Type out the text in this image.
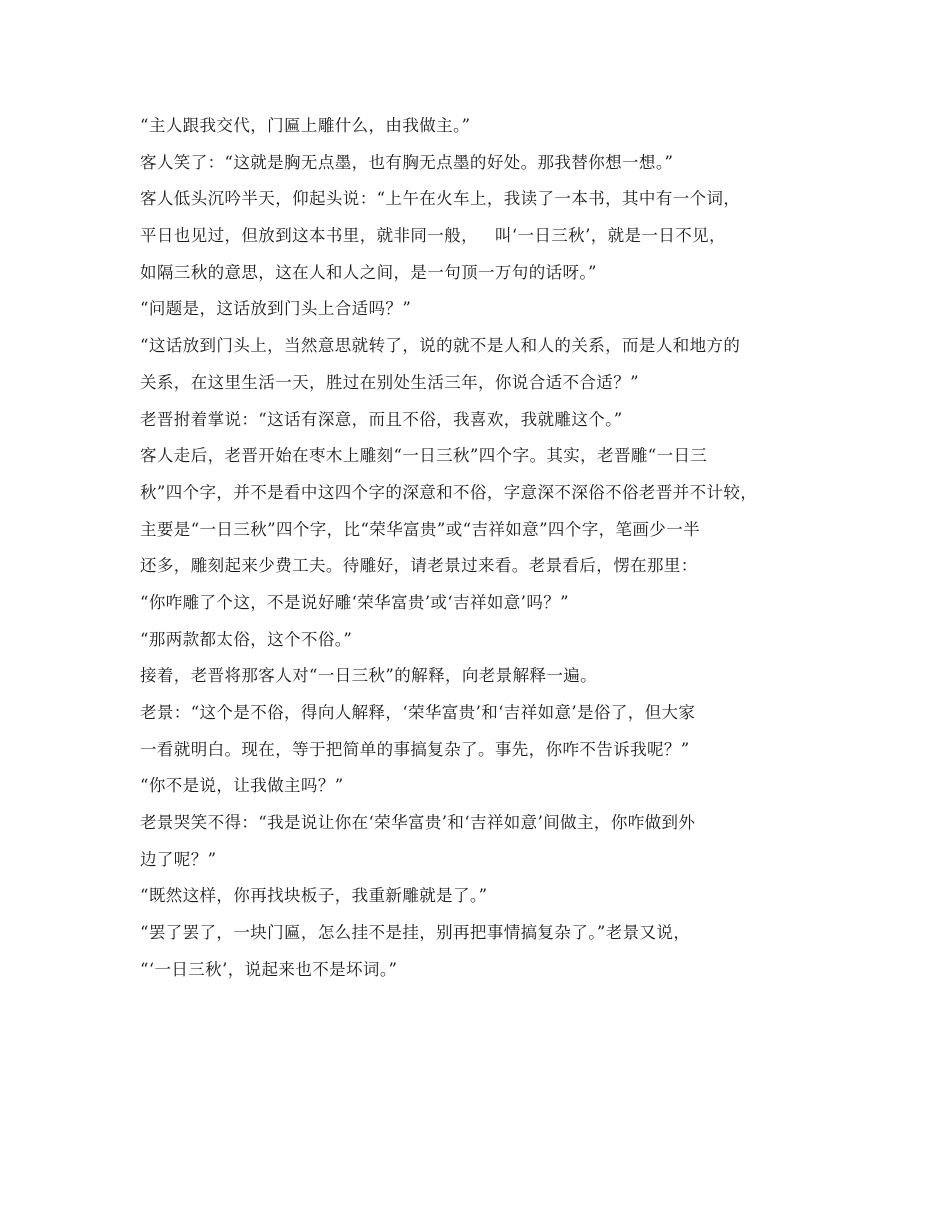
“主人跟我交代，门匾上雕什么，由我做主。”
客人笑了：“这就是胸无点墨，也有胸无点墨的好处。那我替你想一想。”
客人低头沉吟半天，仰起头说：“上午在火车上，我读了一本书，其中有一个词，
平日也见过，但放到这本书里，就非同一般，   叫‘一日三秋’，就是一日不见，
如隔三秋的意思，这在人和人之间，是一句顶一万句的话呀。”
“问题是，这话放到门头上合适吗？”
“这话放到门头上，当然意思就转了，说的就不是人和人的关系，而是人和地方的
关系，在这里生活一天，胜过在别处生活三年，你说合适不合适？”
老晋拊着掌说：“这话有深意，而且不俗，我喜欢，我就雕这个。”
客人走后，老晋开始在枣木上雕刻“一日三秋”四个字。其实，老晋雕“一日三
秋”四个字，并不是看中这四个字的深意和不俗，字意深不深俗不俗老晋并不计较，
主要是“一日三秋”四个字，比“荣华富贵”或“吉祥如意”四个字，笔画少一半
还多，雕刻起来少费工夫。待雕好，请老景过来看。老景看后，愣在那里：
“你咋雕了个这，不是说好雕‘荣华富贵’或‘吉祥如意’吗？”
“那两款都太俗，这个不俗。”
接着，老晋将那客人对“一日三秋”的解释，向老景解释一遍。
老景：“这个是不俗，得向人解释，‘荣华富贵’和‘吉祥如意’是俗了，但大家
一看就明白。现在，等于把简单的事搞复杂了。事先，你咋不告诉我呢？”
“你不是说，让我做主吗？”
老景哭笑不得：“我是说让你在‘荣华富贵’和‘吉祥如意’间做主，你咋做到外
边了呢？”
“既然这样，你再找块板子，我重新雕就是了。”
“罢了罢了，一块门匾，怎么挂不是挂，别再把事情搞复杂了。”老景又说，
“‘一日三秋’，说起来也不是坏词。”
